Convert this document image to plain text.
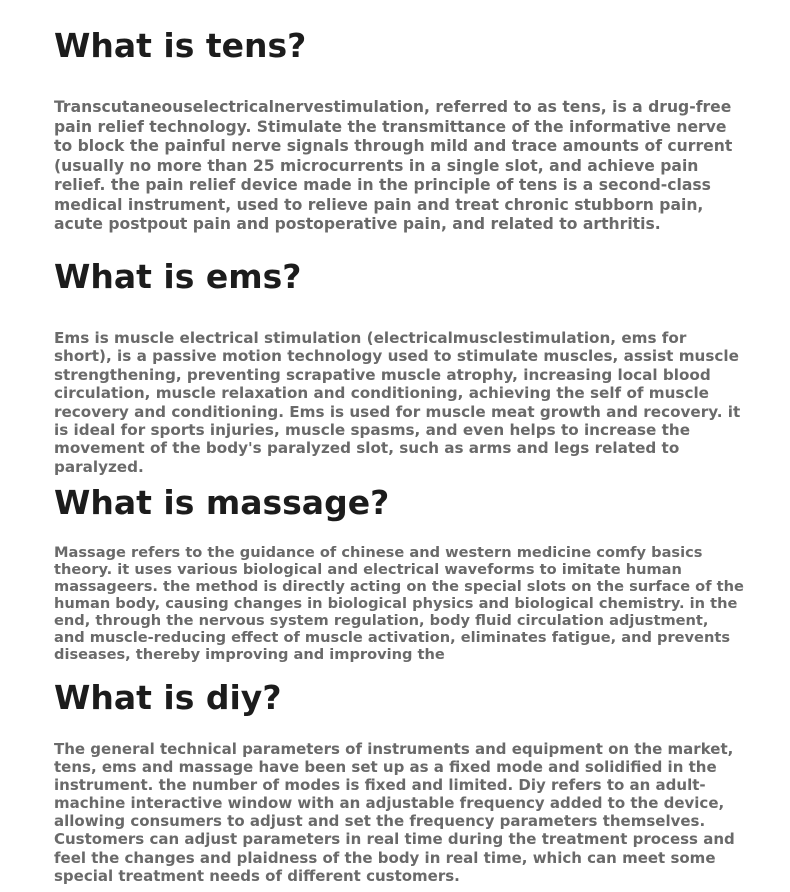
What is tens?

Transcutaneouselectricalnervestimulation, referred to as tens, is a drug-free pain relief technology. Stimulate the transmittance of the informative nerve to block the painful nerve signals through mild and trace amounts of current (usually no more than 25 microcurrents in a single slot, and achieve pain relief. the pain relief device made in the principle of tens is a second-class medical instrument, used to relieve pain and treat chronic stubborn pain, acute postpout pain and postoperative pain, and related to arthritis.

What is ems?

Ems is muscle electrical stimulation (electricalmusclestimulation, ems for short), is a passive motion technology used to stimulate muscles, assist muscle strengthening, preventing scrapative muscle atrophy, increasing local blood circulation, muscle relaxation and conditioning, achieving the self of muscle recovery and conditioning. Ems is used for muscle meat growth and recovery. it is ideal for sports injuries, muscle spasms, and even helps to increase the movement of the body's paralyzed slot, such as arms and legs related to paralyzed.

What is massage?

Massage refers to the guidance of chinese and western medicine comfy basics theory. it uses various biological and electrical waveforms to imitate human massageers. the method is directly acting on the special slots on the surface of the human body, causing changes in biological physics and biological chemistry. in the end, through the nervous system regulation, body fluid circulation adjustment, and muscle-reducing effect of muscle activation, eliminates fatigue, and prevents diseases, thereby improving and improving the

What is diy?

The general technical parameters of instruments and equipment on the market, tens, ems and massage have been set up as a fixed mode and solidified in the instrument. the number of modes is fixed and limited. Diy refers to an adult-machine interactive window with an adjustable frequency added to the device, allowing consumers to adjust and set the frequency parameters themselves. Customers can adjust parameters in real time during the treatment process and feel the changes and plaidness of the body in real time, which can meet some special treatment needs of different customers.
